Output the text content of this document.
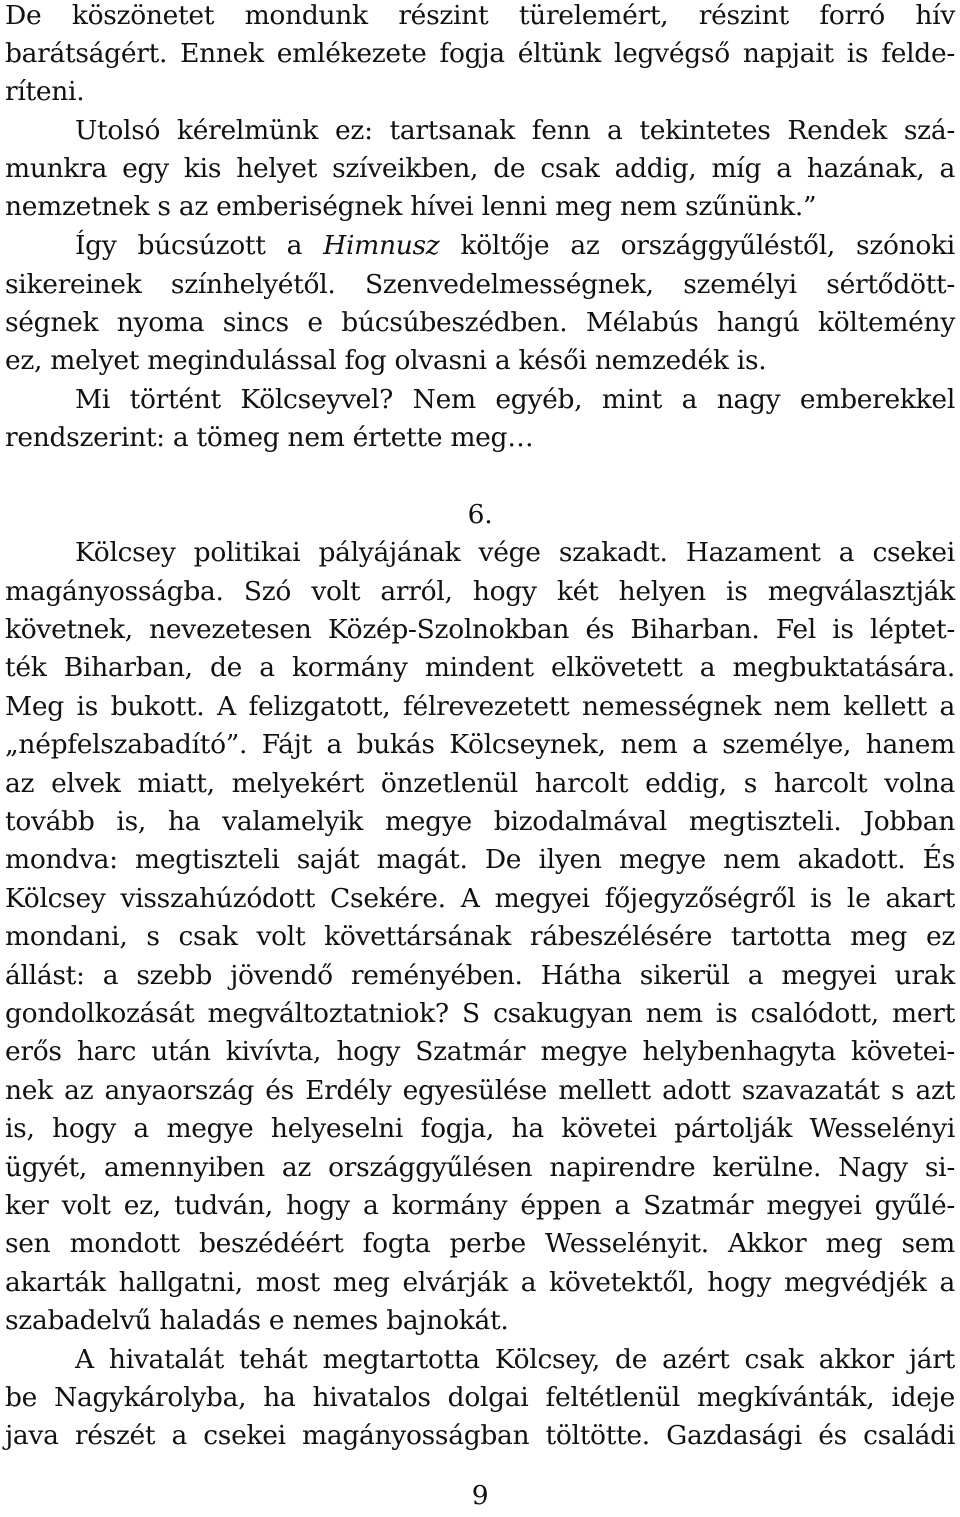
De köszönetet mondunk részint türelemért, részint forró hív
barátságért. Ennek emlékezete fogja éltünk legvégső napjait is felde-
ríteni.
Utolsó kérelmünk ez: tartsanak fenn a tekintetes Rendek szá-
munkra egy kis helyet szíveikben, de csak addig, míg a hazának, a
nemzetnek s az emberiségnek hívei lenni meg nem szűnünk.”
Így búcsúzott a Himnusz költője az országgyűléstől, szónoki
sikereinek színhelyétől. Szenvedelmességnek, személyi sértődött-
ségnek nyoma sincs e búcsúbeszédben. Mélabús hangú költemény
ez, melyet megindulással fog olvasni a késői nemzedék is.
Mi történt Kölcseyvel? Nem egyéb, mint a nagy emberekkel
rendszerint: a tömeg nem értette meg…
6.
Kölcsey politikai pályájának vége szakadt. Hazament a csekei
magányosságba. Szó volt arról, hogy két helyen is megválasztják
követnek, nevezetesen Közép-Szolnokban és Biharban. Fel is léptet-
ték Biharban, de a kormány mindent elkövetett a megbuktatására.
Meg is bukott. A felizgatott, félrevezetett nemességnek nem kellett a
„népfelszabadító”. Fájt a bukás Kölcseynek, nem a személye, hanem
az elvek miatt, melyekért önzetlenül harcolt eddig, s harcolt volna
tovább is, ha valamelyik megye bizodalmával megtiszteli. Jobban
mondva: megtiszteli saját magát. De ilyen megye nem akadott. És
Kölcsey visszahúzódott Csekére. A megyei főjegyzőségről is le akart
mondani, s csak volt követtársának rábeszélésére tartotta meg ez
állást: a szebb jövendő reményében. Hátha sikerül a megyei urak
gondolkozását megváltoztatniok? S csakugyan nem is csalódott, mert
erős harc után kivívta, hogy Szatmár megye helybenhagyta követei-
nek az anyaország és Erdély egyesülése mellett adott szavazatát s azt
is, hogy a megye helyeselni fogja, ha követei pártolják Wesselényi
ügyét, amennyiben az országgyűlésen napirendre kerülne. Nagy si-
ker volt ez, tudván, hogy a kormány éppen a Szatmár megyei gyűlé-
sen mondott beszédéért fogta perbe Wesselényit. Akkor meg sem
akarták hallgatni, most meg elvárják a követektől, hogy megvédjék a
szabadelvű haladás e nemes bajnokát.
A hivatalát tehát megtartotta Kölcsey, de azért csak akkor járt
be Nagykárolyba, ha hivatalos dolgai feltétlenül megkívánták, ideje
java részét a csekei magányosságban töltötte. Gazdasági és családi
9
